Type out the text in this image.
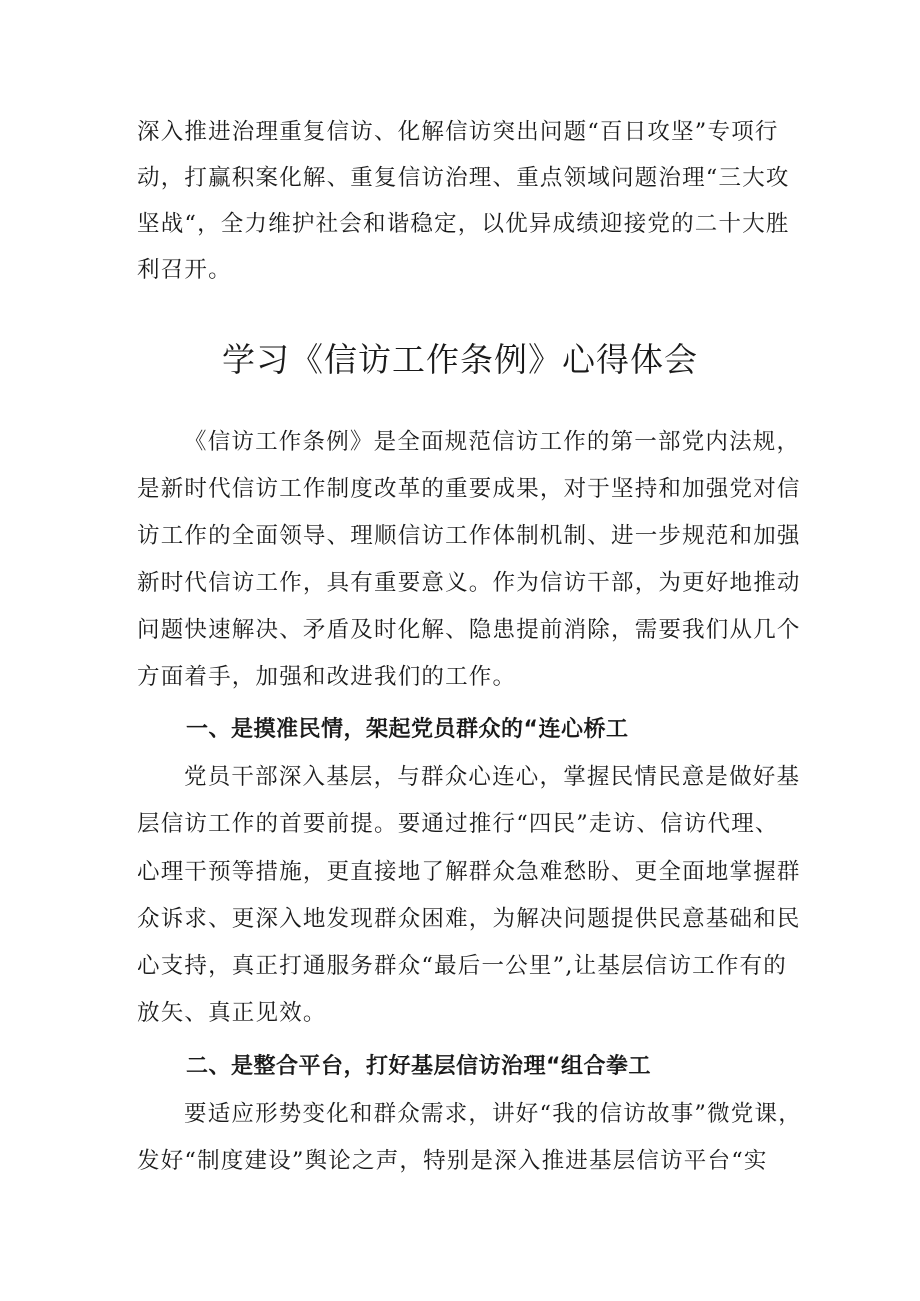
深入推进治理重复信访、化解信访突出问题“百日攻坚”专项行
动，打赢积案化解、重复信访治理、重点领域问题治理“三大攻
坚战“，全力维护社会和谐稳定，以优异成绩迎接党的二十大胜
利召开。
学习《信访工作条例》心得体会
《信访工作条例》是全面规范信访工作的第一部党内法规，
是新时代信访工作制度改革的重要成果，对于坚持和加强党对信
访工作的全面领导、理顺信访工作体制机制、进一步规范和加强
新时代信访工作，具有重要意义。作为信访干部，为更好地推动
问题快速解决、矛盾及时化解、隐患提前消除，需要我们从几个
方面着手，加强和改进我们的工作。
一、是摸准民情，架起党员群众的“连心桥工
党员干部深入基层，与群众心连心，掌握民情民意是做好基
层信访工作的首要前提。要通过推行“四民”走访、信访代理、
心理干预等措施，更直接地了解群众急难愁盼、更全面地掌握群
众诉求、更深入地发现群众困难，为解决问题提供民意基础和民
心支持，真正打通服务群众“最后一公里”,让基层信访工作有的
放矢、真正见效。
二、是整合平台，打好基层信访治理“组合拳工
要适应形势变化和群众需求，讲好“我的信访故事”微党课，
发好“制度建设”舆论之声，特别是深入推进基层信访平台“实
